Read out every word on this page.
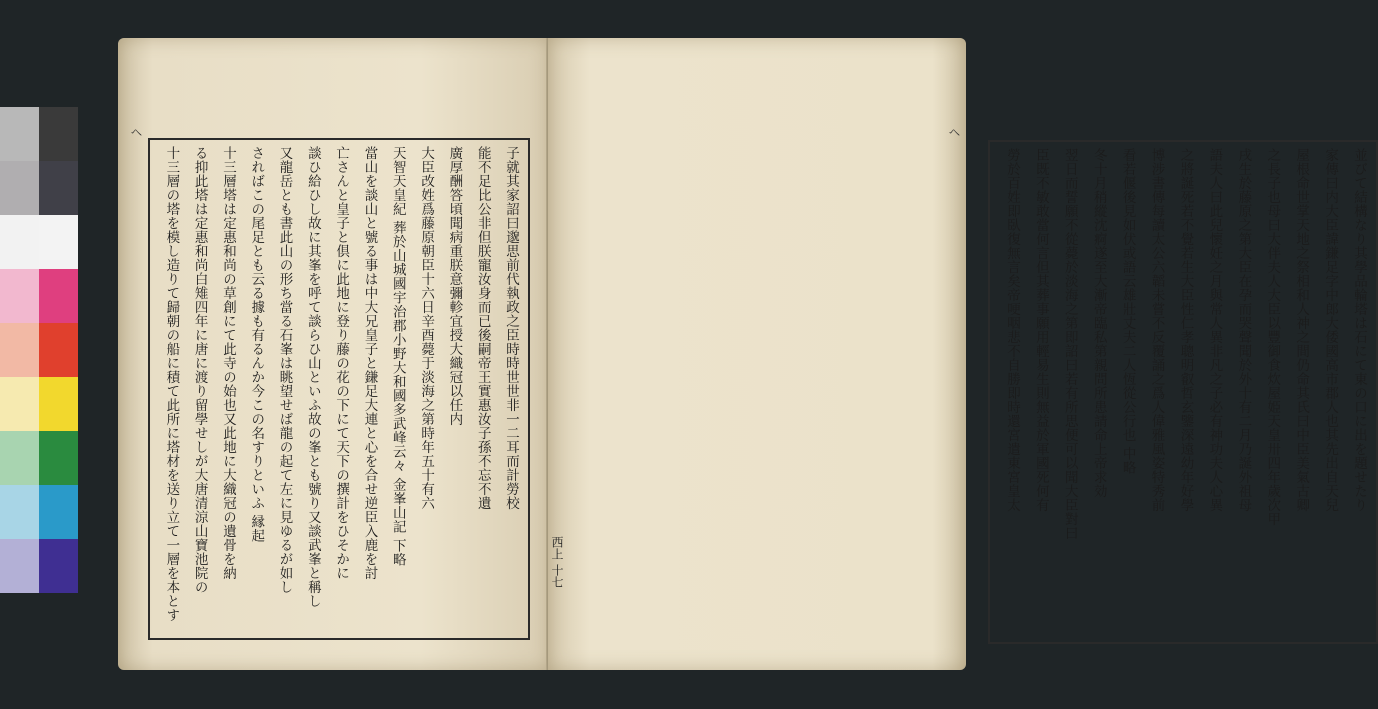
子就其家詔曰邈思前代執政之臣時時世世非一二耳而計勞校
能不足比公非但朕寵汝身而已後嗣帝王實惠汝子孫不忘不遺
廣厚酬答頃聞病重朕意彌軫宜授大織冠以任内
大臣改姓爲藤原朝臣十六日辛酉薨于淡海之第時年五十有六
天智天皇紀 葬於山城國宇治郡小野大和國多武峰云々 金峯山記 下略
當山を談山と號る事は中大兄皇子と鎌足大連と心を合せ逆臣入鹿を討
亡さんと皇子と倶に此地に登り藤の花の下にて天下の撰計をひそかに
談ひ給ひし故に其峯を呼て談らひ山といふ故の峯とも號り又談武峯と稱し
又龍岳とも書此山の形ち當る石峯は眺望せば龍の起て左に見ゆるが如し
さればこの尾足とも云る據も有るんか今この名すりといふ 縁起
十三層塔は定惠和尚の草創にて此寺の始也又此地に大織冠の遺骨を納
る抑此塔は定惠和尚白雉四年に唐に渡り留學せしが大唐清涼山寶池院の
十三層の塔を模し造りて歸朝の船に積て此所に塔材を送り立て一層を本とす	並びて結構なり其學品輪塔は石にて東の口に出を題せたり
家傳曰内大臣諱鎌足字中郎大倭國高市郡人也其先出自天兒
屋根命世掌天地之祭相和人神之間仍命其氏曰中臣美氣古卿
之長子也母曰大伴夫人大臣以豐御食炊屋姫天皇卅四年歲次甲
戌生於藤原之第大臣在孕而哭聲聞於外十有二月乃誕外祖母
語夫人曰此兒懷妊之月與常人異非凡之子必有神功夫人心異
之將誕死若不覺若生大臣性仁孝聰明叡哲玄鑒深遠幼年好學
博涉書傳每讀太公六韜未嘗不反覆誦之爲人偉雅風姿特秀前
看若偃後見如伏或語云雄壯丈夫二人恆從公行也 中略
冬十月稍縱沈痾遂至大漸帝臨私第親問所患請命上帝求効
翌日而誓願不從薨於淡海之第即詔曰若有所思便可以聞大臣對曰
臣既不敏敢當何言但其葬事願用輕易生則無益於軍國死何有
勞於百姓即臥復無言矣帝哽咽悲不自勝即時還宮遣東宮皇太
ヘ	ヘ
西上 十七
